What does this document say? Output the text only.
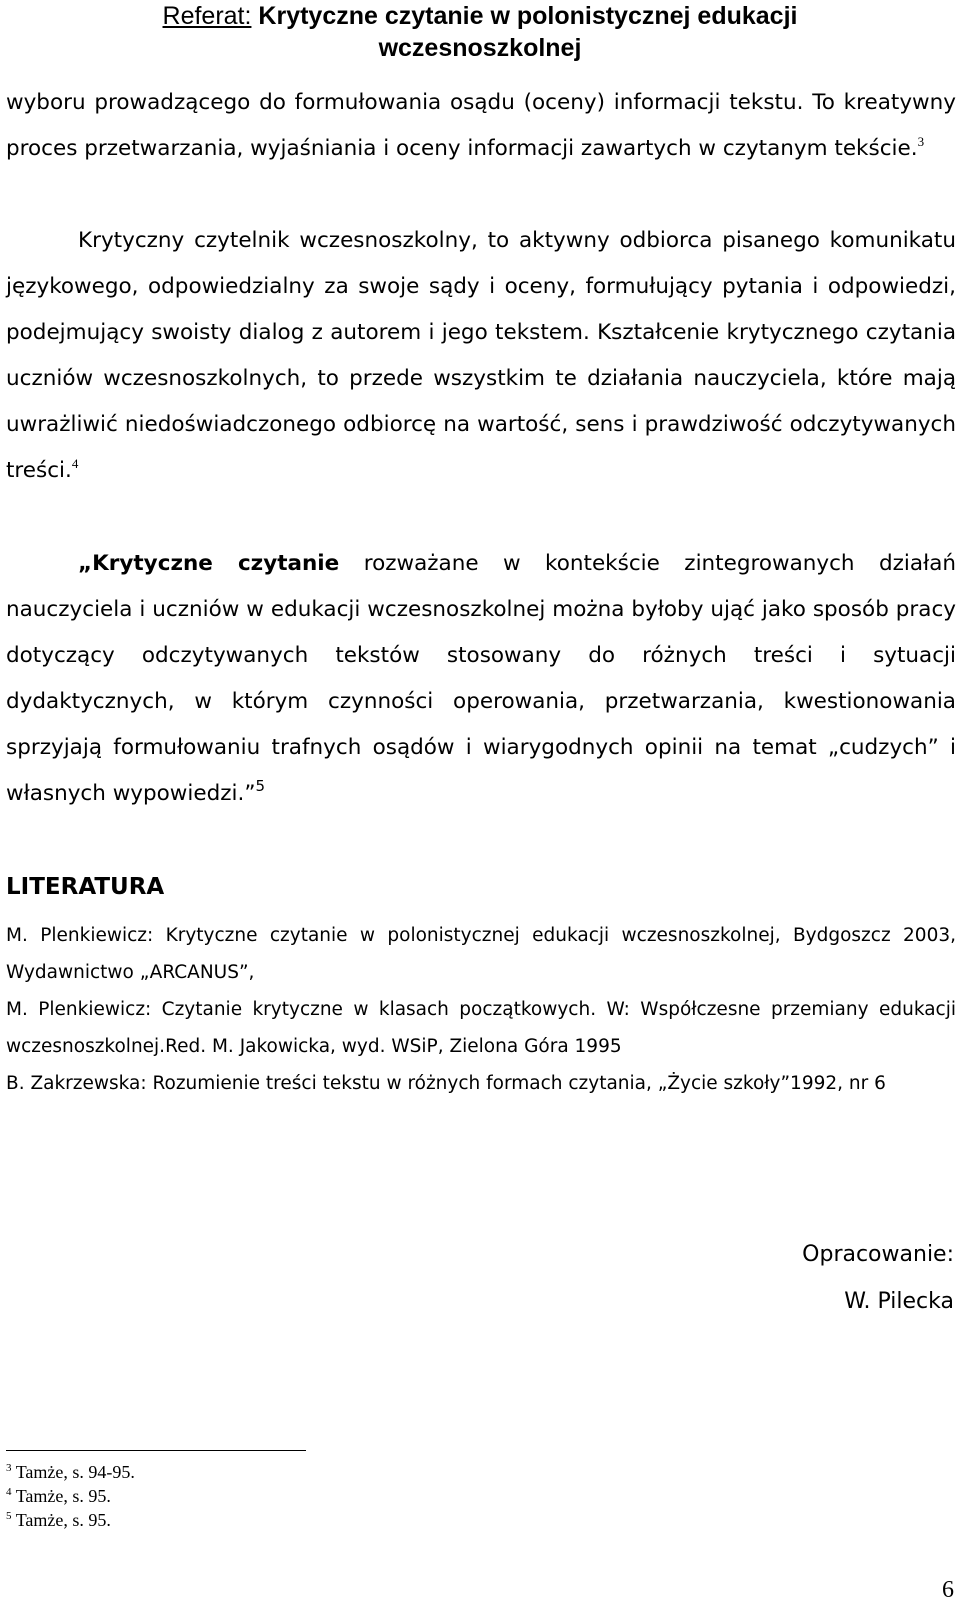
Referat: Krytyczne czytanie w polonistycznej edukacji
wczesnoszkolnej

wyboru prowadzącego do formułowania osądu (oceny) informacji tekstu. To kreatywny proces przetwarzania, wyjaśniania i oceny informacji zawartych w czytanym tekście.$^3$

Krytyczny czytelnik wczesnoszkolny, to aktywny odbiorca pisanego komunikatu językowego, odpowiedzialny za swoje sądy i oceny, formułujący pytania i odpowiedzi, podejmujący swoisty dialog z autorem i jego tekstem. Kształcenie krytycznego czytania uczniów wczesnoszkolnych, to przede wszystkim te działania nauczyciela, które mają uwrażliwić niedoświadczonego odbiorcę na wartość, sens i prawdziwość odczytywanych treści.$^4$

„Krytyczne czytanie rozważane w kontekście zintegrowanych działań nauczyciela i uczniów w edukacji wczesnoszkolnej można byłoby ująć jako sposób pracy dotyczący odczytywanych tekstów stosowany do różnych treści i sytuacji dydaktycznych, w którym czynności operowania, przetwarzania, kwestionowania sprzyjają formułowaniu trafnych osądów i wiarygodnych opinii na temat „cudzych” i własnych wypowiedzi.”$^5$

LITERATURA
M. Plenkiewicz: Krytyczne czytanie w polonistycznej edukacji wczesnoszkolnej, Bydgoszcz 2003, Wydawnictwo „ARCANUS”,
M. Plenkiewicz: Czytanie krytyczne w klasach początkowych. W: Współczesne przemiany edukacji wczesnoszkolnej.Red. M. Jakowicka, wyd. WSiP, Zielona Góra 1995
B. Zakrzewska: Rozumienie treści tekstu w różnych formach czytania, „Życie szkoły”1992, nr 6
Opracowanie:
W. Pilecka
$^3$ Tamże, s. 94-95.
$^4$ Tamże, s. 95.
$^5$ Tamże, s. 95.
6
